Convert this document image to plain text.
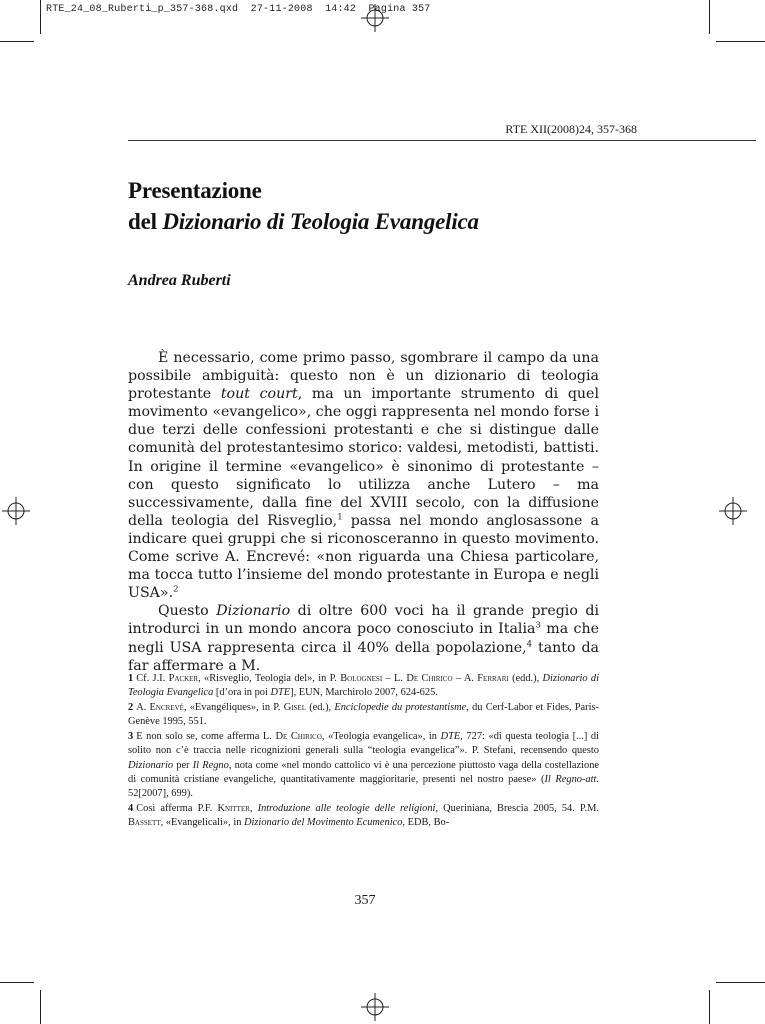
RTE_24_08_Ruberti_p_357-368.qxd 27-11-2008 14:42 Pagina 357
RTE XII(2008)24, 357-368
Presentazione
del Dizionario di Teologia Evangelica
Andrea Ruberti

È necessario, come primo passo, sgombrare il campo da una possibile ambiguità: questo non è un dizionario di teologia protestante tout court, ma un importante strumento di quel movimento «evangelico», che oggi rappresenta nel mondo forse i due terzi delle confessioni protestanti e che si distingue dalle comunità del protestantesimo storico: valdesi, metodisti, battisti. In origine il termine «evangelico» è sinonimo di protestante – con questo significato lo utilizza anche Lutero – ma successivamente, dalla fine del XVIII secolo, con la diffusione della teologia del Risveglio,$^1$ passa nel mondo anglosassone a indicare quei gruppi che si riconosceranno in questo movimento. Come scrive A. Encrevé: «non riguarda una Chiesa particolare, ma tocca tutto l’insieme del mondo protestante in Europa e negli USA».$^2$

Questo Dizionario di oltre 600 voci ha il grande pregio di introdurci in un mondo ancora poco conosciuto in Italia$^3$ ma che negli USA rappresenta circa il 40% della popolazione,$^4$ tanto da far affermare a M.

1 Cf. J.I. Packer, «Risveglio, Teologia del», in P. Bolognesi – L. De Chirico – A. Ferrari (edd.), Dizionario di Teologia Evangelica [d’ora in poi DTE], EUN, Marchirolo 2007, 624-625.

2 A. Encrevé, «Evangéliques», in P. Gisel (ed.), Enciclopedie du protestantisme, du Cerf-Labor et Fides, Paris-Genève 1995, 551.

3 E non solo se, come afferma L. De Chirico, «Teologia evangelica», in DTE, 727: «di questa teologia [...] di solito non c’è traccia nelle ricognizioni generali sulla “teologia evangelica”». P. Stefani, recensendo questo Dizionario per Il Regno, nota come «nel mondo cattolico vi è una percezione piuttosto vaga della costellazione di comunità cristiane evangeliche, quantitativamente maggioritarie, presenti nel nostro paese» (Il Regno-att. 52[2007], 699).

4 Così afferma P.F. Knitter, Introduzione alle teologie delle religioni, Queriniana, Brescia 2005, 54. P.M. Bassett, «Evangelicali», in Dizionario del Movimento Ecumenico, EDB, Bo-

357
